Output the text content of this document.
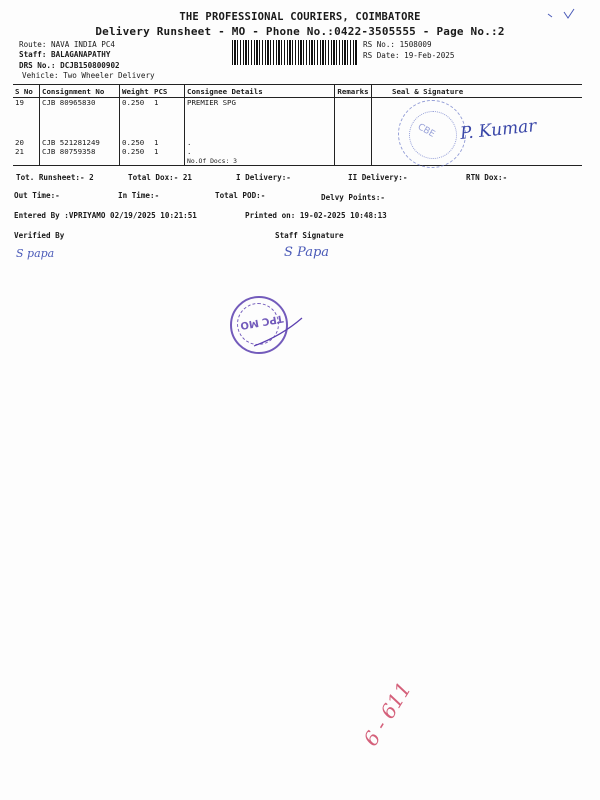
THE PROFESSIONAL COURIERS, COIMBATORE
Delivery Runsheet - MO - Phone No.:0422-3505555 - Page No.:2
Route: NAVA INDIA PC4
Staff: BALAGANAPATHY
DRS No.: DCJB150800902
Vehicle: Two Wheeler Delivery
RS No.: 1508009
RS Date: 19-Feb-2025
S No	Consignment No	Weight	PCS	Consignee Details	Remarks	Seal & Signature
19	CJB 80965830	0.250	1	PREMIER SPG		
20	CJB 521281249	0.250	1	.		
21	CJB 80759358	0.250	1	.		
				No.Of Docs: 3		
CBE P. Kumar
Tot. Runsheet:- 2	Total Dox:- 21	I Delivery:-	II Delivery:-	RTN Dox:-
Out Time:-	In Time:-	Total POD:-	Delvy Points:-
Entered By :VPRIYAMO 02/19/2025 10:21:51	Printed on: 19-02-2025 10:48:13
Verified By	Staff Signature
S papa	S Papa
TPC MO
6 - 611
